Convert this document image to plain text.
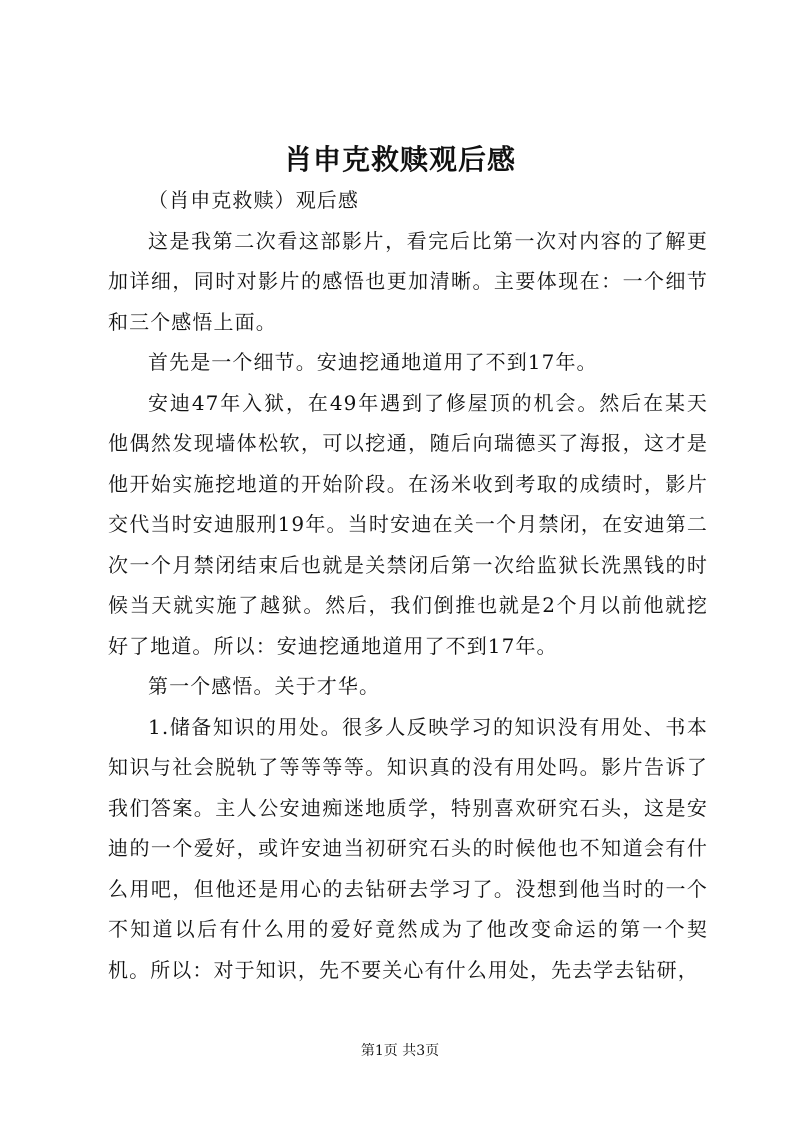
肖申克救赎观后感

（肖申克救赎）观后感

这是我第二次看这部影片，看完后比第一次对内容的了解更加详细，同时对影片的感悟也更加清晰。主要体现在：一个细节和三个感悟上面。

首先是一个细节。安迪挖通地道用了不到17年。

安迪47年入狱，在49年遇到了修屋顶的机会。然后在某天他偶然发现墙体松软，可以挖通，随后向瑞德买了海报，这才是他开始实施挖地道的开始阶段。在汤米收到考取的成绩时，影片交代当时安迪服刑19年。当时安迪在关一个月禁闭，在安迪第二次一个月禁闭结束后也就是关禁闭后第一次给监狱长洗黑钱的时候当天就实施了越狱。然后，我们倒推也就是2个月以前他就挖好了地道。所以：安迪挖通地道用了不到17年。

第一个感悟。关于才华。

1.储备知识的用处。很多人反映学习的知识没有用处、书本知识与社会脱轨了等等等等。知识真的没有用处吗。影片告诉了我们答案。主人公安迪痴迷地质学，特别喜欢研究石头，这是安迪的一个爱好，或许安迪当初研究石头的时候他也不知道会有什么用吧，但他还是用心的去钻研去学习了。没想到他当时的一个不知道以后有什么用的爱好竟然成为了他改变命运的第一个契机。所以：对于知识，先不要关心有什么用处，先去学去钻研，

第1页 共3页
